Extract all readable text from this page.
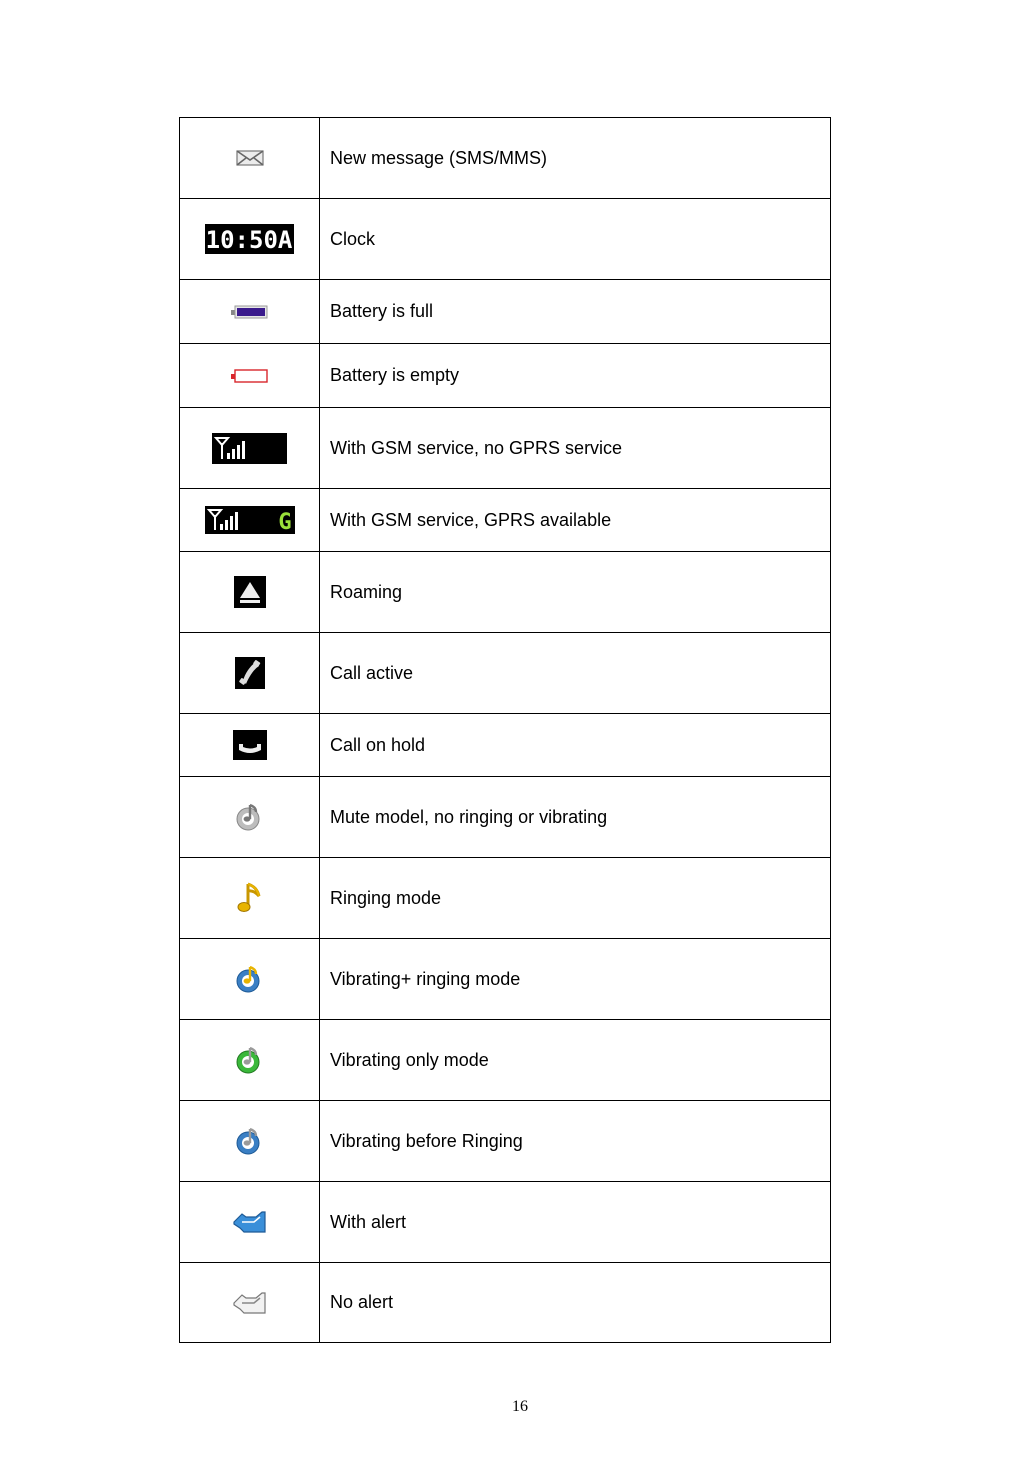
	New message (SMS/MMS)

10:50A	Clock

	Battery is full

	Battery is empty

	With GSM service, no GPRS service

G	With GSM service, GPRS available

	Roaming

	Call active

	Call on hold

	Mute model, no ringing or vibrating

	Ringing mode

	Vibrating+ ringing mode

	Vibrating only mode

	Vibrating before Ringing

	With alert

	No alert
16
